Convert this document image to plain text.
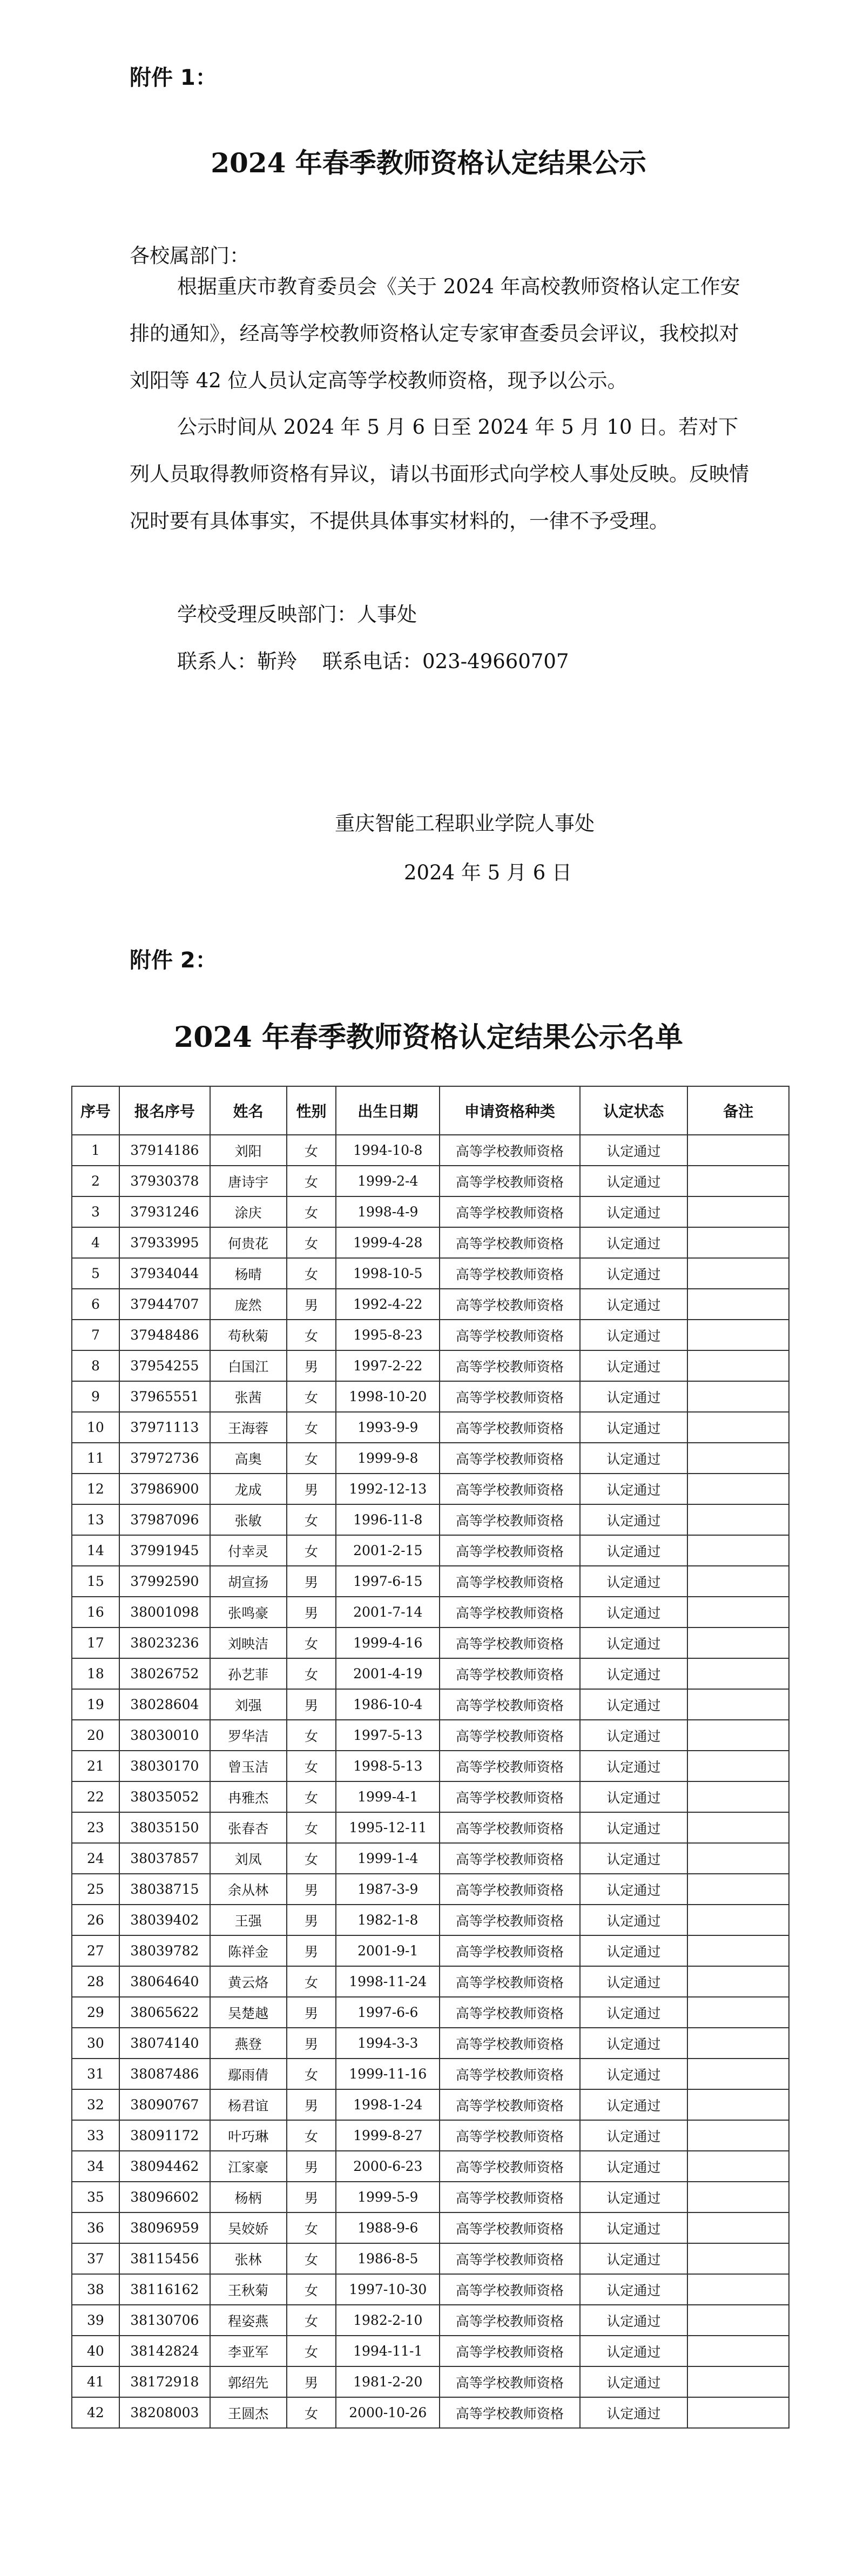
附件 1：
2024 年春季教师资格认定结果公示
各校属部门：
根据重庆市教育委员会《关于 2024 年高校教师资格认定工作安排的通知》，经高等学校教师资格认定专家审查委员会评议，我校拟对刘阳等 42 位人员认定高等学校教师资格，现予以公示。
公示时间从 2024 年 5 月 6 日至 2024 年 5 月 10 日。若对下列人员取得教师资格有异议，请以书面形式向学校人事处反映。反映情况时要有具体事实，不提供具体事实材料的，一律不予受理。
学校受理反映部门：人事处
联系人：靳羚    联系电话：023-49660707
重庆智能工程职业学院人事处
2024 年 5 月 6 日
附件 2：
2024 年春季教师资格认定结果公示名单
序号	报名序号	姓名	性别	出生日期	申请资格种类	认定状态	备注
1	37914186	刘阳	女	1994-10-8	高等学校教师资格	认定通过	
2	37930378	唐诗宇	女	1999-2-4	高等学校教师资格	认定通过	
3	37931246	涂庆	女	1998-4-9	高等学校教师资格	认定通过	
4	37933995	何贵花	女	1999-4-28	高等学校教师资格	认定通过	
5	37934044	杨晴	女	1998-10-5	高等学校教师资格	认定通过	
6	37944707	庞然	男	1992-4-22	高等学校教师资格	认定通过	
7	37948486	苟秋菊	女	1995-8-23	高等学校教师资格	认定通过	
8	37954255	白国江	男	1997-2-22	高等学校教师资格	认定通过	
9	37965551	张茜	女	1998-10-20	高等学校教师资格	认定通过	
10	37971113	王海蓉	女	1993-9-9	高等学校教师资格	认定通过	
11	37972736	高奥	女	1999-9-8	高等学校教师资格	认定通过	
12	37986900	龙成	男	1992-12-13	高等学校教师资格	认定通过	
13	37987096	张敏	女	1996-11-8	高等学校教师资格	认定通过	
14	37991945	付幸灵	女	2001-2-15	高等学校教师资格	认定通过	
15	37992590	胡宣扬	男	1997-6-15	高等学校教师资格	认定通过	
16	38001098	张鸣豪	男	2001-7-14	高等学校教师资格	认定通过	
17	38023236	刘映洁	女	1999-4-16	高等学校教师资格	认定通过	
18	38026752	孙艺菲	女	2001-4-19	高等学校教师资格	认定通过	
19	38028604	刘强	男	1986-10-4	高等学校教师资格	认定通过	
20	38030010	罗华洁	女	1997-5-13	高等学校教师资格	认定通过	
21	38030170	曾玉洁	女	1998-5-13	高等学校教师资格	认定通过	
22	38035052	冉雅杰	女	1999-4-1	高等学校教师资格	认定通过	
23	38035150	张春杏	女	1995-12-11	高等学校教师资格	认定通过	
24	38037857	刘凤	女	1999-1-4	高等学校教师资格	认定通过	
25	38038715	余从林	男	1987-3-9	高等学校教师资格	认定通过	
26	38039402	王强	男	1982-1-8	高等学校教师资格	认定通过	
27	38039782	陈祥金	男	2001-9-1	高等学校教师资格	认定通过	
28	38064640	黄云烙	女	1998-11-24	高等学校教师资格	认定通过	
29	38065622	吴楚越	男	1997-6-6	高等学校教师资格	认定通过	
30	38074140	燕登	男	1994-3-3	高等学校教师资格	认定通过	
31	38087486	鄢雨倩	女	1999-11-16	高等学校教师资格	认定通过	
32	38090767	杨君谊	男	1998-1-24	高等学校教师资格	认定通过	
33	38091172	叶巧琳	女	1999-8-27	高等学校教师资格	认定通过	
34	38094462	江家豪	男	2000-6-23	高等学校教师资格	认定通过	
35	38096602	杨柄	男	1999-5-9	高等学校教师资格	认定通过	
36	38096959	吴姣娇	女	1988-9-6	高等学校教师资格	认定通过	
37	38115456	张林	女	1986-8-5	高等学校教师资格	认定通过	
38	38116162	王秋菊	女	1997-10-30	高等学校教师资格	认定通过	
39	38130706	程姿燕	女	1982-2-10	高等学校教师资格	认定通过	
40	38142824	李亚军	女	1994-11-1	高等学校教师资格	认定通过	
41	38172918	郭绍先	男	1981-2-20	高等学校教师资格	认定通过	
42	38208003	王圆杰	女	2000-10-26	高等学校教师资格	认定通过	
